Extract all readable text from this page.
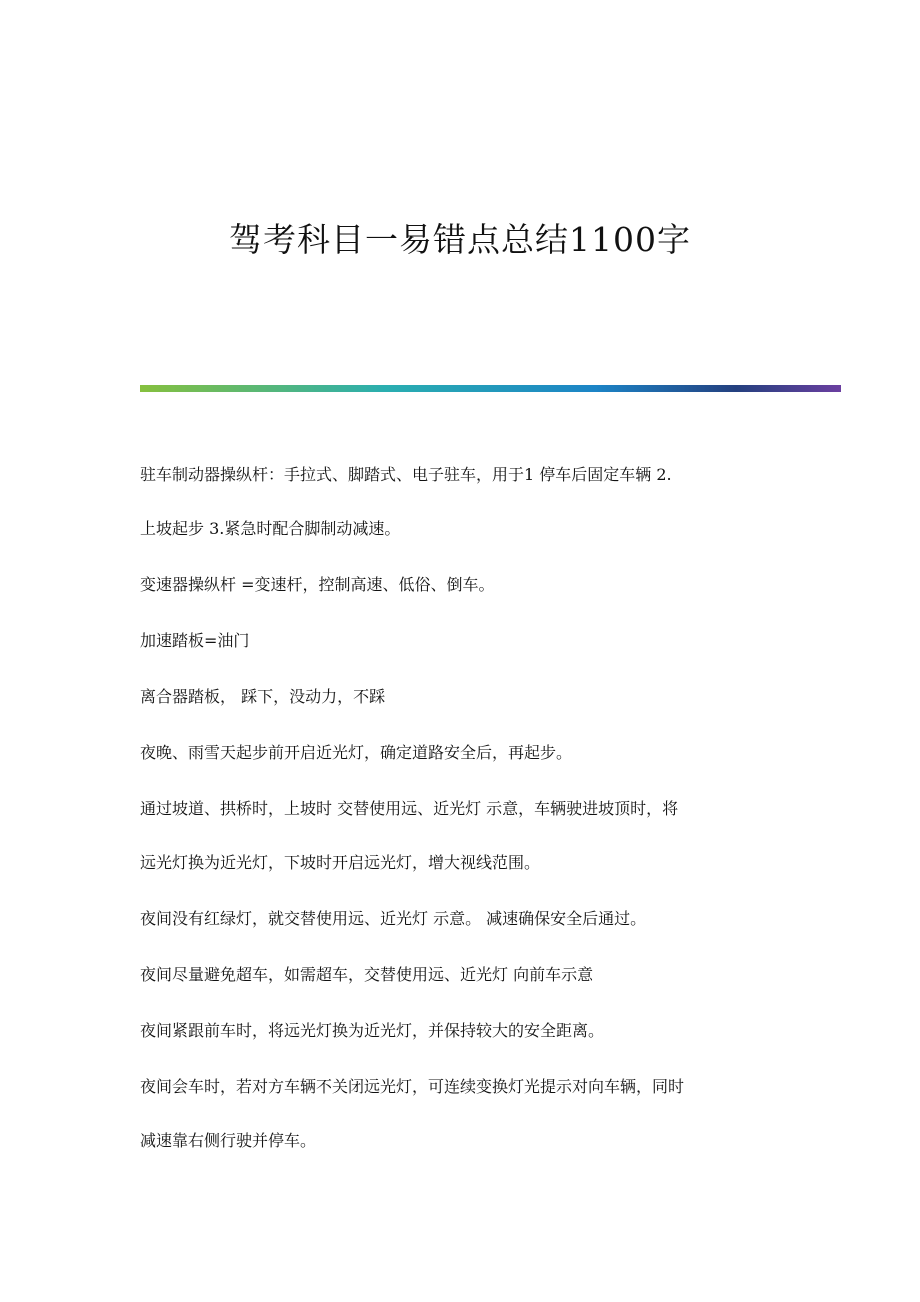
驾考科目一易错点总结1100字

驻车制动器操纵杆：手拉式、脚踏式、电子驻车，用于1 停车后固定车辆 2.
上坡起步 3.紧急时配合脚制动减速。

变速器操纵杆 =变速杆，控制高速、低俗、倒车。

加速踏板=油门

离合器踏板， 踩下，没动力，不踩

夜晚、雨雪天起步前开启近光灯，确定道路安全后，再起步。

通过坡道、拱桥时，上坡时 交替使用远、近光灯 示意，车辆驶进坡顶时，将
远光灯换为近光灯，下坡时开启远光灯，增大视线范围。

夜间没有红绿灯，就交替使用远、近光灯 示意。 减速确保安全后通过。

夜间尽量避免超车，如需超车，交替使用远、近光灯 向前车示意

夜间紧跟前车时，将远光灯换为近光灯，并保持较大的安全距离。

夜间会车时，若对方车辆不关闭远光灯，可连续变换灯光提示对向车辆，同时
减速靠右侧行驶并停车。
